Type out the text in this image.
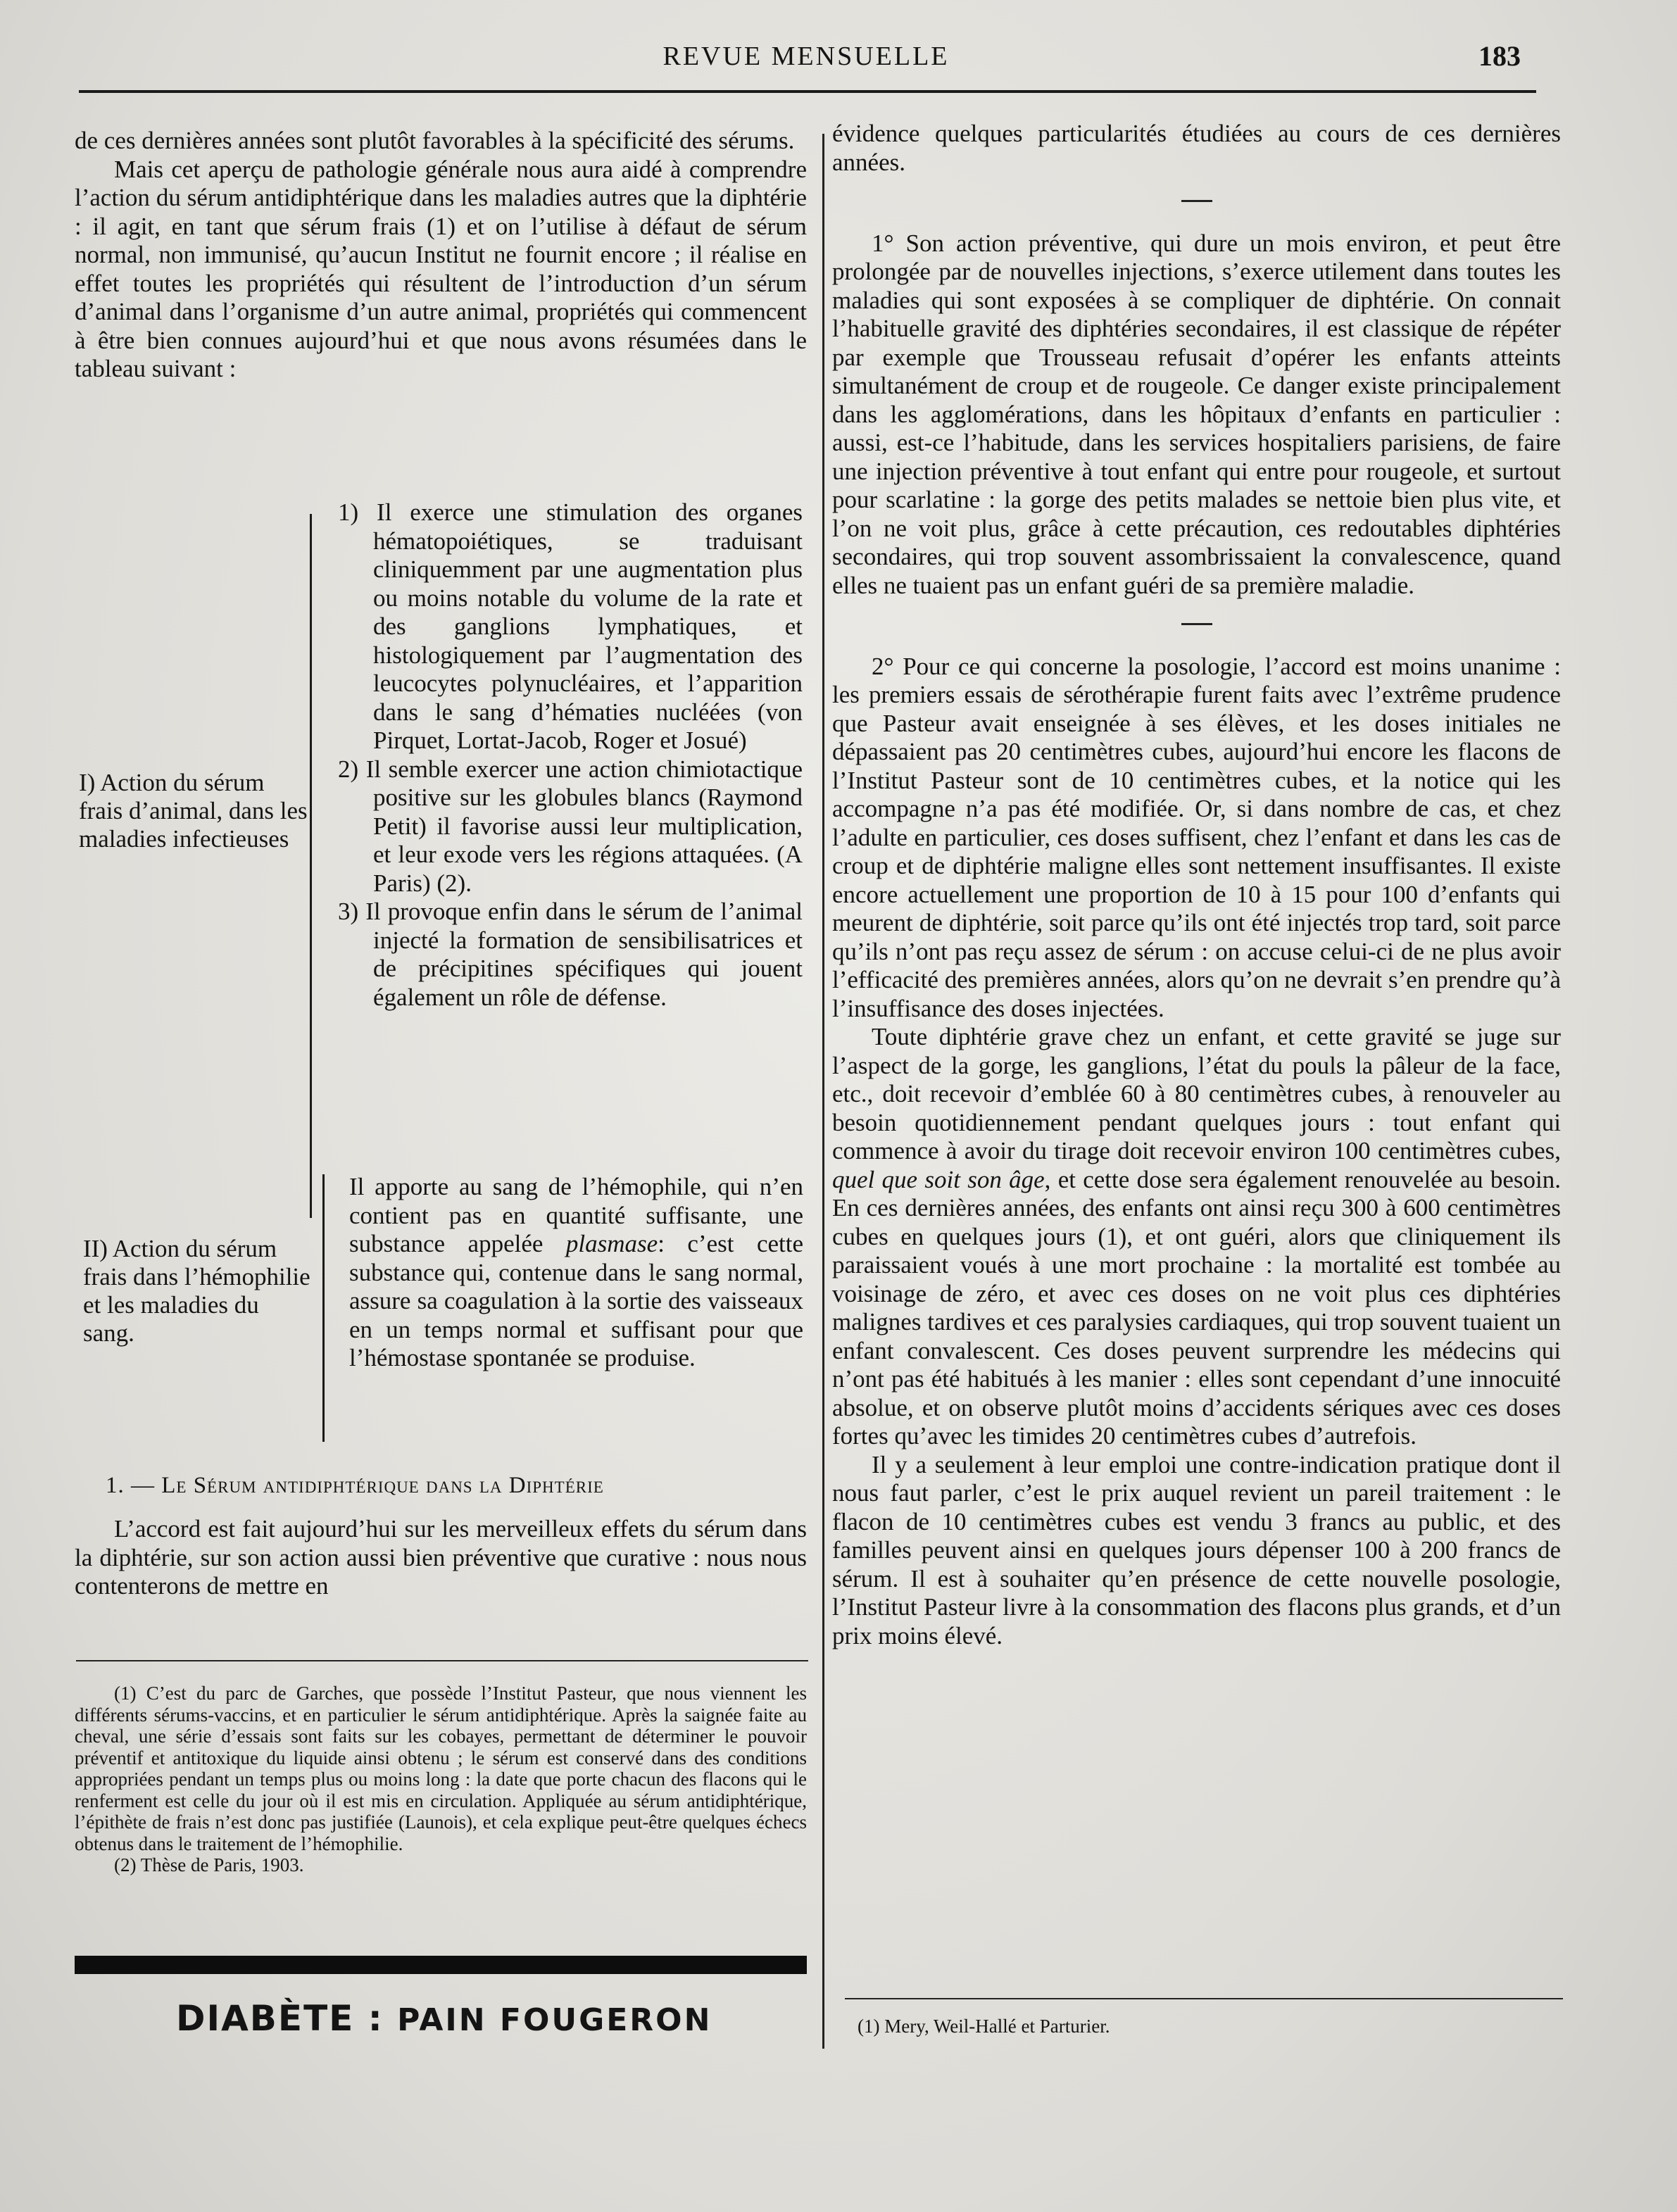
REVUE MENSUELLE	183

de ces dernières années sont plutôt favorables à la spécificité des sérums.

Mais cet aperçu de pathologie générale nous aura aidé à comprendre l’action du sérum antidiphtérique dans les maladies autres que la diphtérie : il agit, en tant que sérum frais (1) et on l’utilise à défaut de sérum normal, non immunisé, qu’aucun Institut ne fournit encore ; il réalise en effet toutes les propriétés qui résultent de l’introduction d’un sérum d’animal dans l’organisme d’un autre animal, propriétés qui commencent à être bien connues aujourd’hui et que nous avons résumées dans le tableau suivant :

I) Action du sérum frais d’animal, dans les maladies infectieuses

1) Il exerce une stimulation des organes hématopoiétiques, se traduisant cliniquemment par une augmentation plus ou moins notable du volume de la rate et des ganglions lymphatiques, et histologiquement par l’augmentation des leucocytes polynucléaires, et l’apparition dans le sang d’hématies nucléées (von Pirquet, Lortat-Jacob, Roger et Josué)

2) Il semble exercer une action chimiotactique positive sur les globules blancs (Raymond Petit) il favorise aussi leur multiplication, et leur exode vers les régions attaquées. (A Paris) (2).

3) Il provoque enfin dans le sérum de l’animal injecté la formation de sensibilisatrices et de précipitines spécifiques qui jouent également un rôle de défense.

II) Action du sérum frais dans l’hémophilie et les maladies du sang.

Il apporte au sang de l’hémophile, qui n’en contient pas en quantité suffisante, une substance appelée plasmase: c’est cette substance qui, contenue dans le sang normal, assure sa coagulation à la sortie des vaisseaux en un temps normal et suffisant pour que l’hémostase spontanée se produise.

1. — Le Sérum antidiphtérique dans la Diphtérie

L’accord est fait aujourd’hui sur les merveilleux effets du sérum dans la diphtérie, sur son action aussi bien préventive que curative : nous nous contenterons de mettre en

(1) C’est du parc de Garches, que possède l’Institut Pasteur, que nous viennent les différents sérums-vaccins, et en particulier le sérum antidiphtérique. Après la saignée faite au cheval, une série d’essais sont faits sur les cobayes, permettant de déterminer le pouvoir préventif et antitoxique du liquide ainsi obtenu ; le sérum est conservé dans des conditions appropriées pendant un temps plus ou moins long : la date que porte chacun des flacons qui le renferment est celle du jour où il est mis en circulation. Appliquée au sérum antidiphtérique, l’épithète de frais n’est donc pas justifiée (Launois), et cela explique peut-être quelques échecs obtenus dans le traitement de l’hémophilie.

(2) Thèse de Paris, 1903.

DIABÈTE : PAIN FOUGERON

évidence quelques particularités étudiées au cours de ces dernières années.

1° Son action préventive, qui dure un mois environ, et peut être prolongée par de nouvelles injections, s’exerce utilement dans toutes les maladies qui sont exposées à se compliquer de diphtérie. On connait l’habituelle gravité des diphtéries secondaires, il est classique de répéter par exemple que Trousseau refusait d’opérer les enfants atteints simultanément de croup et de rougeole. Ce danger existe principalement dans les agglomérations, dans les hôpitaux d’enfants en particulier : aussi, est-ce l’habitude, dans les services hospitaliers parisiens, de faire une injection préventive à tout enfant qui entre pour rougeole, et surtout pour scarlatine : la gorge des petits malades se nettoie bien plus vite, et l’on ne voit plus, grâce à cette précaution, ces redoutables diphtéries secondaires, qui trop souvent assombrissaient la convalescence, quand elles ne tuaient pas un enfant guéri de sa première maladie.

2° Pour ce qui concerne la posologie, l’accord est moins unanime : les premiers essais de sérothérapie furent faits avec l’extrême prudence que Pasteur avait enseignée à ses élèves, et les doses initiales ne dépassaient pas 20 centimètres cubes, aujourd’hui encore les flacons de l’Institut Pasteur sont de 10 centimètres cubes, et la notice qui les accompagne n’a pas été modifiée. Or, si dans nombre de cas, et chez l’adulte en particulier, ces doses suffisent, chez l’enfant et dans les cas de croup et de diphtérie maligne elles sont nettement insuffisantes. Il existe encore actuellement une proportion de 10 à 15 pour 100 d’enfants qui meurent de diphtérie, soit parce qu’ils ont été injectés trop tard, soit parce qu’ils n’ont pas reçu assez de sérum : on accuse celui-ci de ne plus avoir l’efficacité des premières années, alors qu’on ne devrait s’en prendre qu’à l’insuffisance des doses injectées.

Toute diphtérie grave chez un enfant, et cette gravité se juge sur l’aspect de la gorge, les ganglions, l’état du pouls la pâleur de la face, etc., doit recevoir d’emblée 60 à 80 centimètres cubes, à renouveler au besoin quotidiennement pendant quelques jours : tout enfant qui commence à avoir du tirage doit recevoir environ 100 centimètres cubes, quel que soit son âge, et cette dose sera également renouvelée au besoin. En ces dernières années, des enfants ont ainsi reçu 300 à 600 centimètres cubes en quelques jours (1), et ont guéri, alors que cliniquement ils paraissaient voués à une mort prochaine : la mortalité est tombée au voisinage de zéro, et avec ces doses on ne voit plus ces diphtéries malignes tardives et ces paralysies cardiaques, qui trop souvent tuaient un enfant convalescent. Ces doses peuvent surprendre les médecins qui n’ont pas été habitués à les manier : elles sont cependant d’une innocuité absolue, et on observe plutôt moins d’accidents sériques avec ces doses fortes qu’avec les timides 20 centimètres cubes d’autrefois.

Il y a seulement à leur emploi une contre-indication pratique dont il nous faut parler, c’est le prix auquel revient un pareil traitement : le flacon de 10 centimètres cubes est vendu 3 francs au public, et des familles peuvent ainsi en quelques jours dépenser 100 à 200 francs de sérum. Il est à souhaiter qu’en présence de cette nouvelle posologie, l’Institut Pasteur livre à la consommation des flacons plus grands, et d’un prix moins élevé.

(1) Mery, Weil-Hallé et Parturier.
